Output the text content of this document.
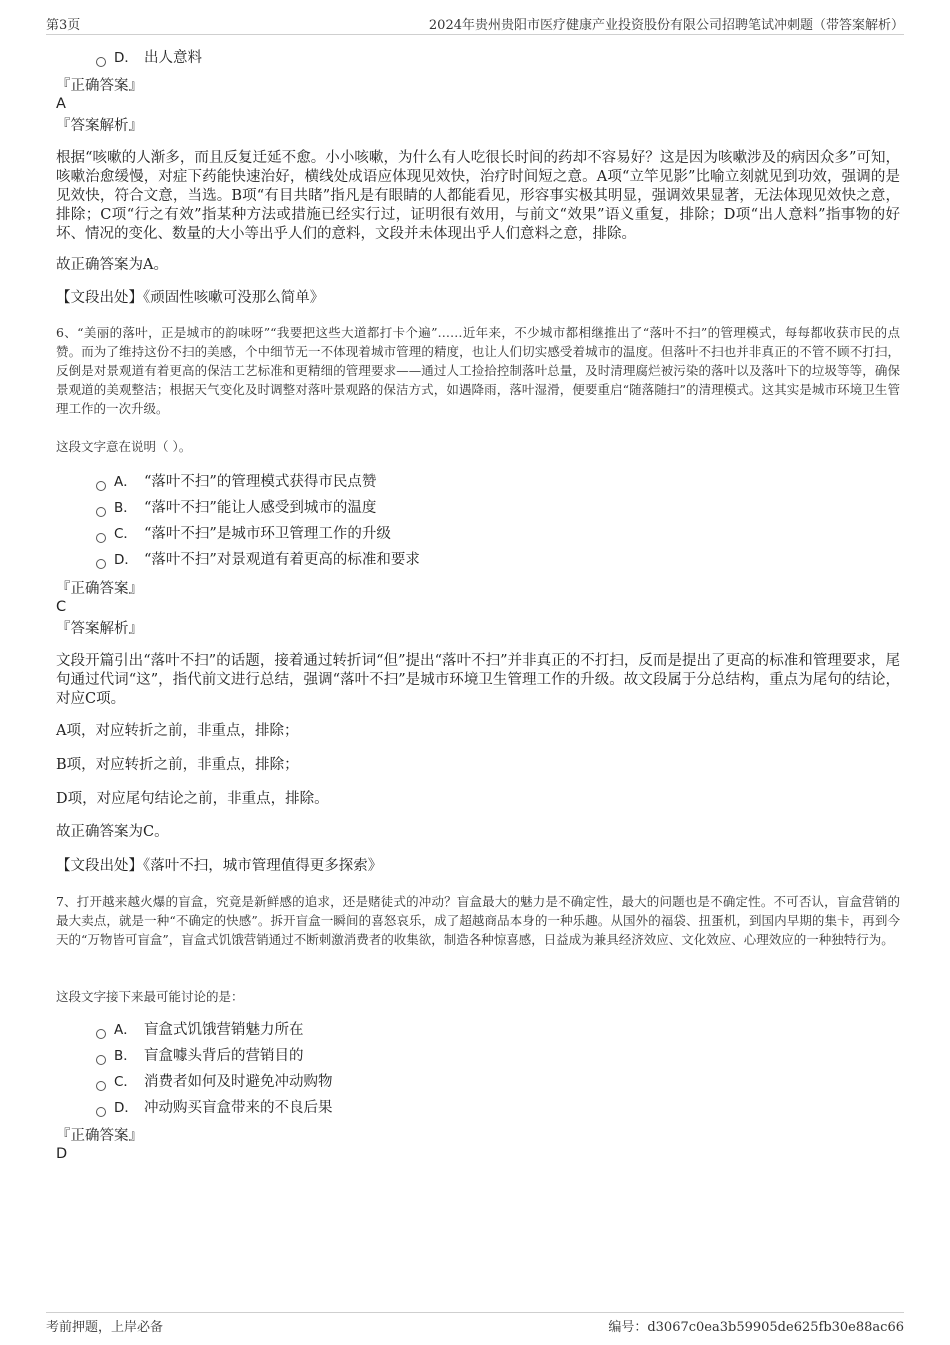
第3页	2024年贵州贵阳市医疗健康产业投资股份有限公司招聘笔试冲刺题（带答案解析）
D． 出人意料
『正确答案』
A
『答案解析』
根据“咳嗽的人渐多，而且反复迁延不愈。小小咳嗽，为什么有人吃很长时间的药却不容易好？这是因为咳嗽涉及的病因众多”可知，咳嗽治愈缓慢，对症下药能快速治好，横线处成语应体现见效快，治疗时间短之意。A项“立竿见影”比喻立刻就见到功效，强调的是见效快，符合文意，当选。B项“有目共睹”指凡是有眼睛的人都能看见，形容事实极其明显，强调效果显著，无法体现见效快之意，排除；C项“行之有效”指某种方法或措施已经实行过，证明很有效用，与前文“效果”语义重复，排除；D项“出人意料”指事物的好坏、情况的变化、数量的大小等出乎人们的意料，文段并未体现出乎人们意料之意，排除。
故正确答案为A。
【文段出处】《顽固性咳嗽可没那么简单》
6、“美丽的落叶，正是城市的韵味呀”“我要把这些大道都打卡个遍”……近年来，不少城市都相继推出了“落叶不扫”的管理模式，每每都收获市民的点赞。而为了维持这份不扫的美感，个中细节无一不体现着城市管理的精度，也让人们切实感受着城市的温度。但落叶不扫也并非真正的不管不顾不打扫，反倒是对景观道有着更高的保洁工艺标准和更精细的管理要求——通过人工捡拾控制落叶总量，及时清理腐烂被污染的落叶以及落叶下的垃圾等等，确保景观道的美观整洁；根据天气变化及时调整对落叶景观路的保洁方式，如遇降雨，落叶湿滑，便要重启“随落随扫”的清理模式。这其实是城市环境卫生管理工作的一次升级。
这段文字意在说明（ ）。
A． “落叶不扫”的管理模式获得市民点赞
B． “落叶不扫”能让人感受到城市的温度
C． “落叶不扫”是城市环卫管理工作的升级
D． “落叶不扫”对景观道有着更高的标准和要求
『正确答案』
C
『答案解析』
文段开篇引出“落叶不扫”的话题，接着通过转折词“但”提出“落叶不扫”并非真正的不打扫，反而是提出了更高的标准和管理要求，尾句通过代词“这”，指代前文进行总结，强调“落叶不扫”是城市环境卫生管理工作的升级。故文段属于分总结构，重点为尾句的结论，对应C项。
A项，对应转折之前，非重点，排除；
B项，对应转折之前，非重点，排除；
D项，对应尾句结论之前，非重点，排除。
故正确答案为C。
【文段出处】《落叶不扫，城市管理值得更多探索》
7、打开越来越火爆的盲盒，究竟是新鲜感的追求，还是赌徒式的冲动？盲盒最大的魅力是不确定性，最大的问题也是不确定性。不可否认，盲盒营销的最大卖点，就是一种“不确定的快感”。拆开盲盒一瞬间的喜怒哀乐，成了超越商品本身的一种乐趣。从国外的福袋、扭蛋机，到国内早期的集卡，再到今天的“万物皆可盲盒”，盲盒式饥饿营销通过不断刺激消费者的收集欲，制造各种惊喜感，日益成为兼具经济效应、文化效应、心理效应的一种独特行为。
这段文字接下来最可能讨论的是：
A． 盲盒式饥饿营销魅力所在
B． 盲盒噱头背后的营销目的
C． 消费者如何及时避免冲动购物
D． 冲动购买盲盒带来的不良后果
『正确答案』
D
考前押题，上岸必备	编号：d3067c0ea3b59905de625fb30e88ac66
